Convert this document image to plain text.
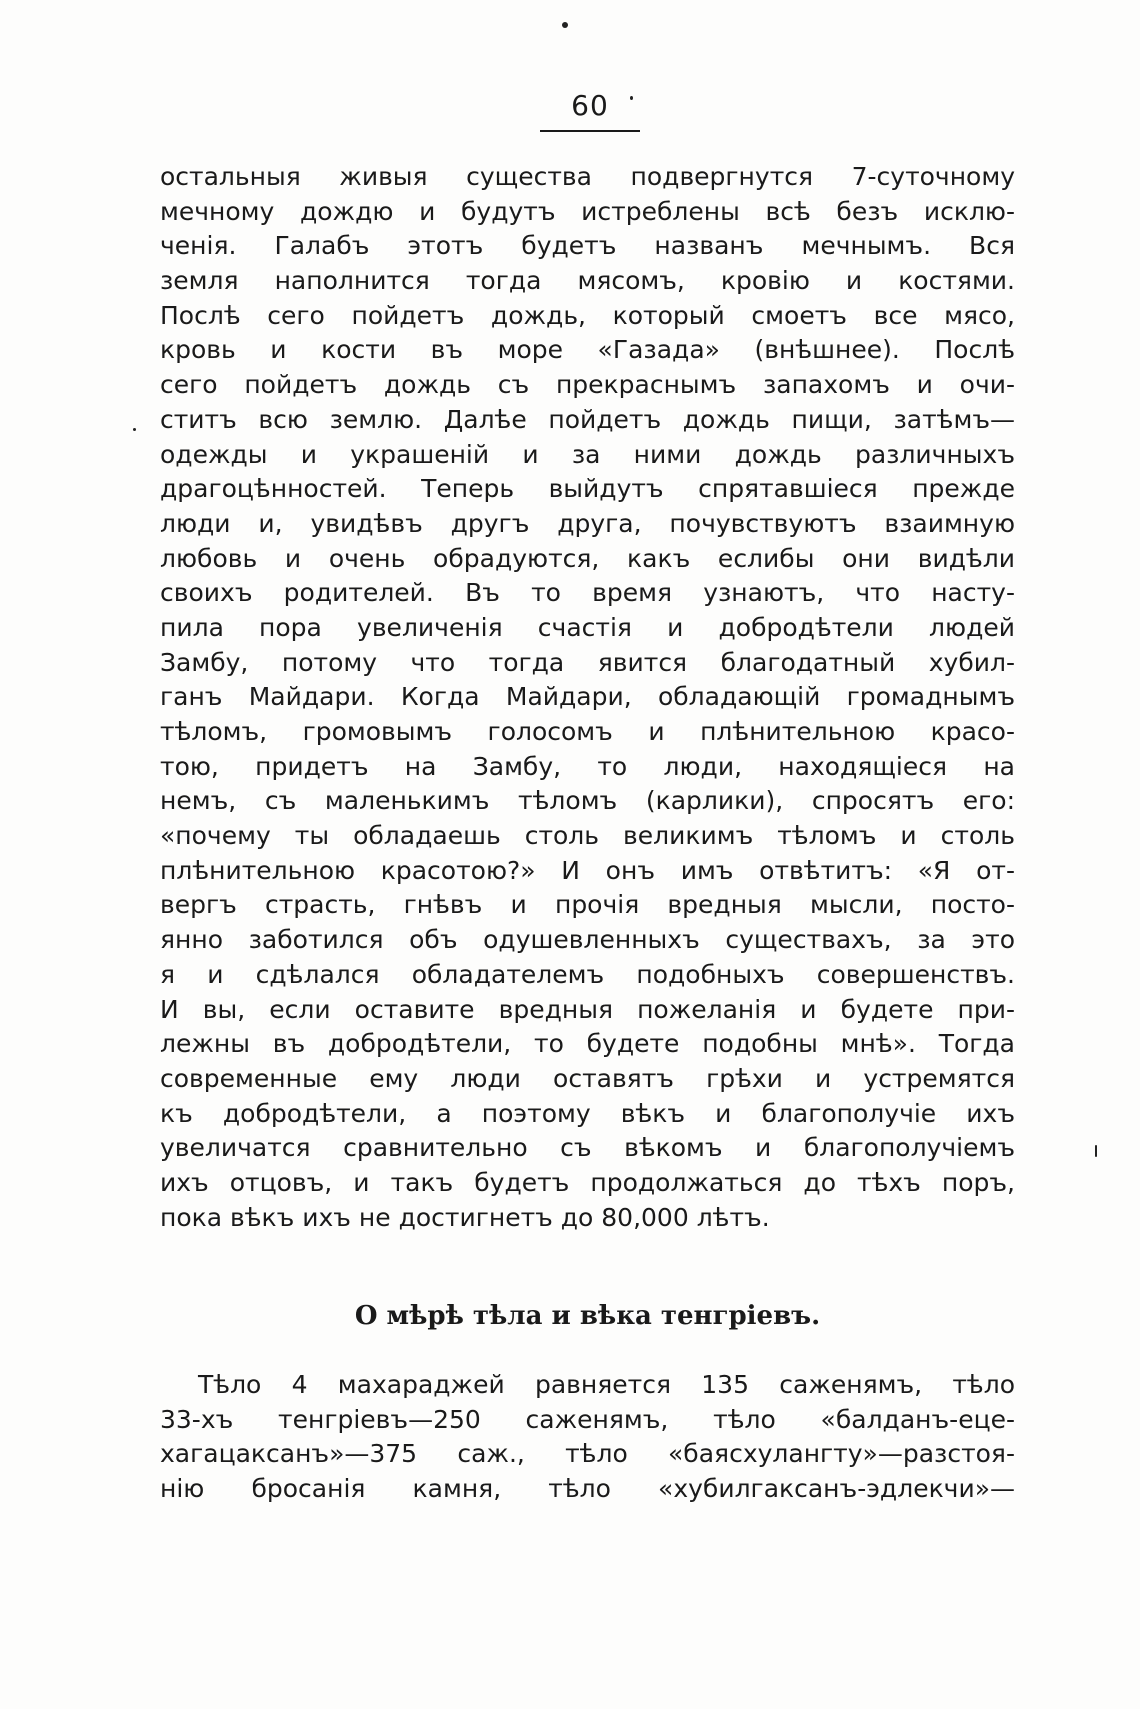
60
остальныя живыя существа подвергнутся 7-суточному
мечному дождю и будутъ истреблены всѣ безъ исклю-
ченія. Галабъ этотъ будетъ названъ мечнымъ. Вся
земля наполнится тогда мясомъ, кровію и костями.
Послѣ сего пойдетъ дождь, который смоетъ все мясо,
кровь и кости въ море «Газада» (внѣшнее). Послѣ
сего пойдетъ дождь съ прекраснымъ запахомъ и очи-
ститъ всю землю. Далѣе пойдетъ дождь пищи, затѣмъ—
одежды и украшеній и за ними дождь различныхъ
драгоцѣнностей. Теперь выйдутъ спрятавшіеся прежде
люди и, увидѣвъ другъ друга, почувствуютъ взаимную
любовь и очень обрадуются, какъ еслибы они видѣли
своихъ родителей. Въ то время узнаютъ, что насту-
пила пора увеличенія счастія и добродѣтели людей
Замбу, потому что тогда явится благодатный хубил-
ганъ Майдари. Когда Майдари, обладающій громаднымъ
тѣломъ, громовымъ голосомъ и плѣнительною красо-
тою, придетъ на Замбу, то люди, находящіеся на
немъ, съ маленькимъ тѣломъ (карлики), спросятъ его:
«почему ты обладаешь столь великимъ тѣломъ и столь
плѣнительною красотою?» И онъ имъ отвѣтитъ: «Я от-
вергъ страсть, гнѣвъ и прочія вредныя мысли, посто-
янно заботился объ одушевленныхъ существахъ, за это
я и сдѣлался обладателемъ подобныхъ совершенствъ.
И вы, если оставите вредныя пожеланія и будете при-
лежны въ добродѣтели, то будете подобны мнѣ». Тогда
современные ему люди оставятъ грѣхи и устремятся
къ добродѣтели, а поэтому вѣкъ и благополучіе ихъ
увеличатся сравнительно съ вѣкомъ и благополучіемъ
ихъ отцовъ, и такъ будетъ продолжаться до тѣхъ поръ,
пока вѣкъ ихъ не достигнетъ до 80,000 лѣтъ.
О мѣрѣ тѣла и вѣка тенгріевъ.
Тѣло 4 махараджей равняется 135 саженямъ, тѣло
33-хъ тенгріевъ—250 саженямъ, тѣло «балданъ-еце-
хагацаксанъ»—375 саж., тѣло «баясхулангту»—разстоя-
нію бросанія камня, тѣло «хубилгаксанъ-эдлекчи»—
